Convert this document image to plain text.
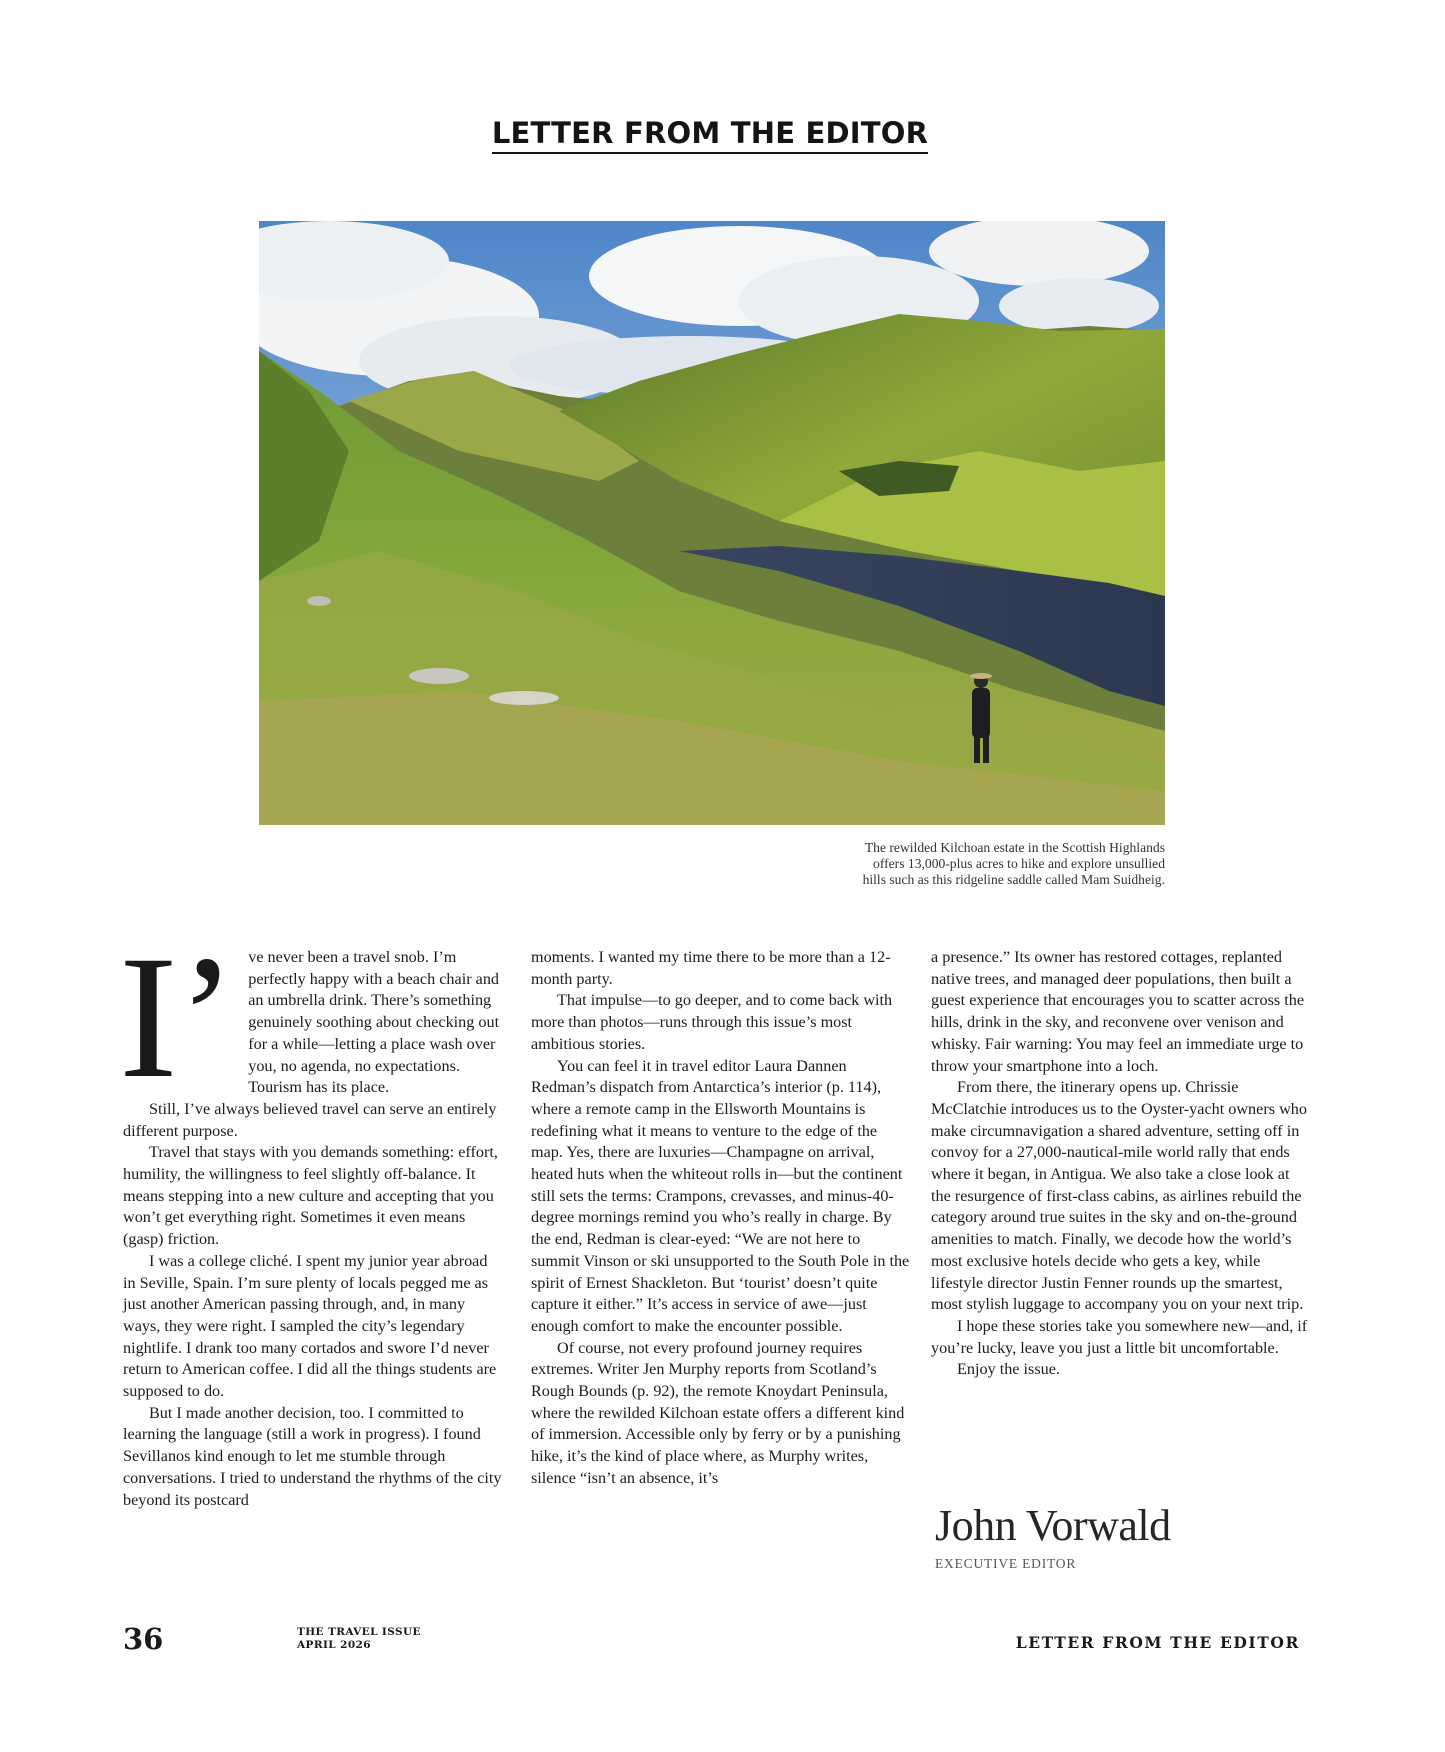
LETTER FROM THE EDITOR
The rewilded Kilchoan estate in the Scottish Highlands
offers 13,000-plus acres to hike and explore unsullied
hills such as this ridgeline saddle called Mam Suidheig.
I’ ve never been a travel snob. I’m perfectly happy with a beach chair and an umbrella drink. There’s something genuinely soothing about checking out for a while—letting a place wash over you, no agenda, no expectations. Tourism has its place.

Still, I’ve always believed travel can serve an entirely different purpose.

Travel that stays with you demands something: effort, humility, the willingness to feel slightly off-balance. It means stepping into a new culture and accepting that you won’t get everything right. Sometimes it even means (gasp) friction.

I was a college cliché. I spent my junior year abroad in Seville, Spain. I’m sure plenty of locals pegged me as just another American passing through, and, in many ways, they were right. I sampled the city’s legendary nightlife. I drank too many cortados and swore I’d never return to American coffee. I did all the things students are supposed to do.

But I made another decision, too. I committed to learning the language (still a work in progress). I found Sevillanos kind enough to let me stumble through conversations. I tried to understand the rhythms of the city beyond its postcard

moments. I wanted my time there to be more than a 12-month party.

That impulse—to go deeper, and to come back with more than photos—runs through this issue’s most ambitious stories.

You can feel it in travel editor Laura Dannen Redman’s dispatch from Antarctica’s interior (p. 114), where a remote camp in the Ellsworth Mountains is redefining what it means to venture to the edge of the map. Yes, there are luxuries—Champagne on arrival, heated huts when the whiteout rolls in—but the continent still sets the terms: Crampons, crevasses, and minus-40-degree mornings remind you who’s really in charge. By the end, Redman is clear-eyed: “We are not here to summit Vinson or ski unsupported to the South Pole in the spirit of Ernest Shackleton. But ‘tourist’ doesn’t quite capture it either.” It’s access in service of awe—just enough comfort to make the encounter possible.

Of course, not every profound journey requires extremes. Writer Jen Murphy reports from Scotland’s Rough Bounds (p. 92), the remote Knoydart Peninsula, where the rewilded Kilchoan estate offers a different kind of immersion. Accessible only by ferry or by a punishing hike, it’s the kind of place where, as Murphy writes, silence “isn’t an absence, it’s

a presence.” Its owner has restored cottages, replanted native trees, and managed deer populations, then built a guest experience that encourages you to scatter across the hills, drink in the sky, and reconvene over venison and whisky. Fair warning: You may feel an immediate urge to throw your smartphone into a loch.

From there, the itinerary opens up. Chrissie McClatchie introduces us to the Oyster-yacht owners who make circumnavigation a shared adventure, setting off in convoy for a 27,000-nautical-mile world rally that ends where it began, in Antigua. We also take a close look at the resurgence of first-class cabins, as airlines rebuild the category around true suites in the sky and on-the-ground amenities to match. Finally, we decode how the world’s most exclusive hotels decide who gets a key, while lifestyle director Justin Fenner rounds up the smartest, most stylish luggage to accompany you on your next trip.

I hope these stories take you somewhere new—and, if you’re lucky, leave you just a little bit uncomfortable.

Enjoy the issue.

John Vorwald
EXECUTIVE EDITOR
36	THE TRAVEL ISSUE
APRIL 2026	LETTER FROM THE EDITOR
